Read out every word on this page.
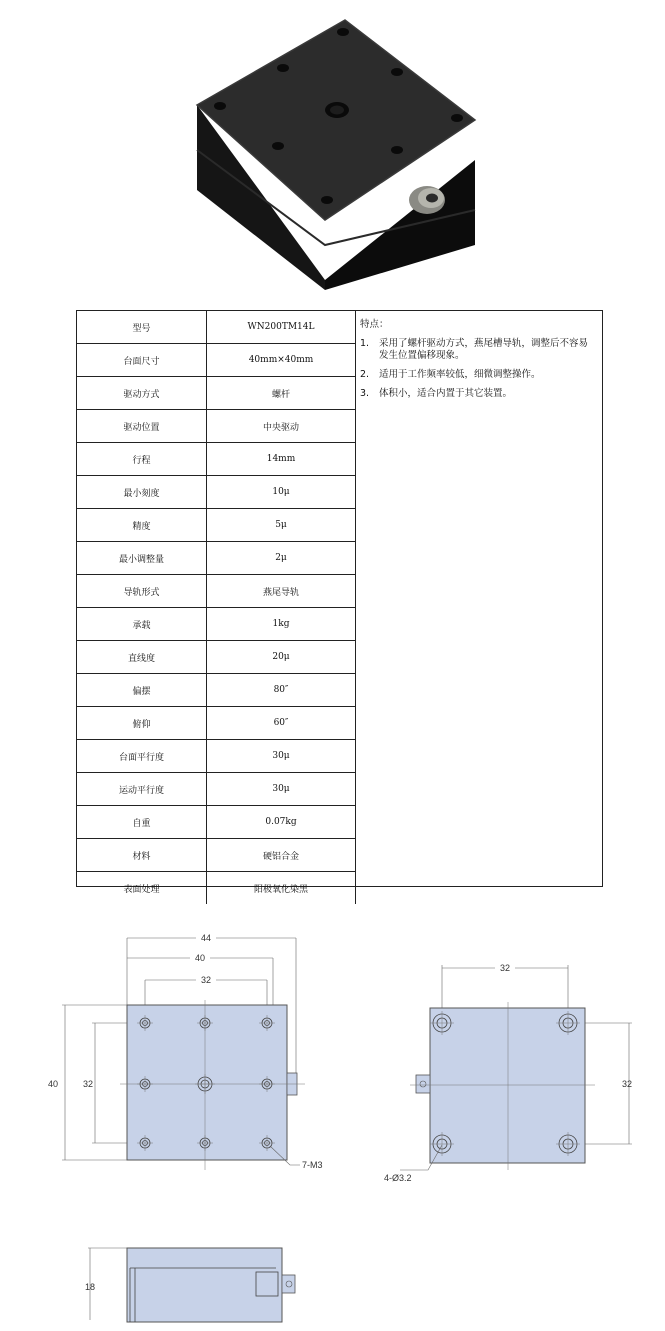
型号	WN200TM14L
台面尺寸	40mm×40mm
驱动方式	螺杆
驱动位置	中央驱动
行程	14mm
最小刻度	10μ
精度	5μ
最小调整量	2μ
导轨形式	燕尾导轨
承载	1kg
直线度	20μ
偏摆	80″
俯仰	60″
台面平行度	30μ
运动平行度	30μ
自重	0.07kg
材料	硬铝合金
表面处理	阳极氧化染黑
特点：
1. 采用了螺杆驱动方式，燕尾槽导轨，调整后不容易发生位置偏移现象。
2. 适用于工作频率较低，细微调整操作。
3. 体积小，适合内置于其它装置。
44
40
32
40	32
7-M3
32
32
4-Ø3.2
18
